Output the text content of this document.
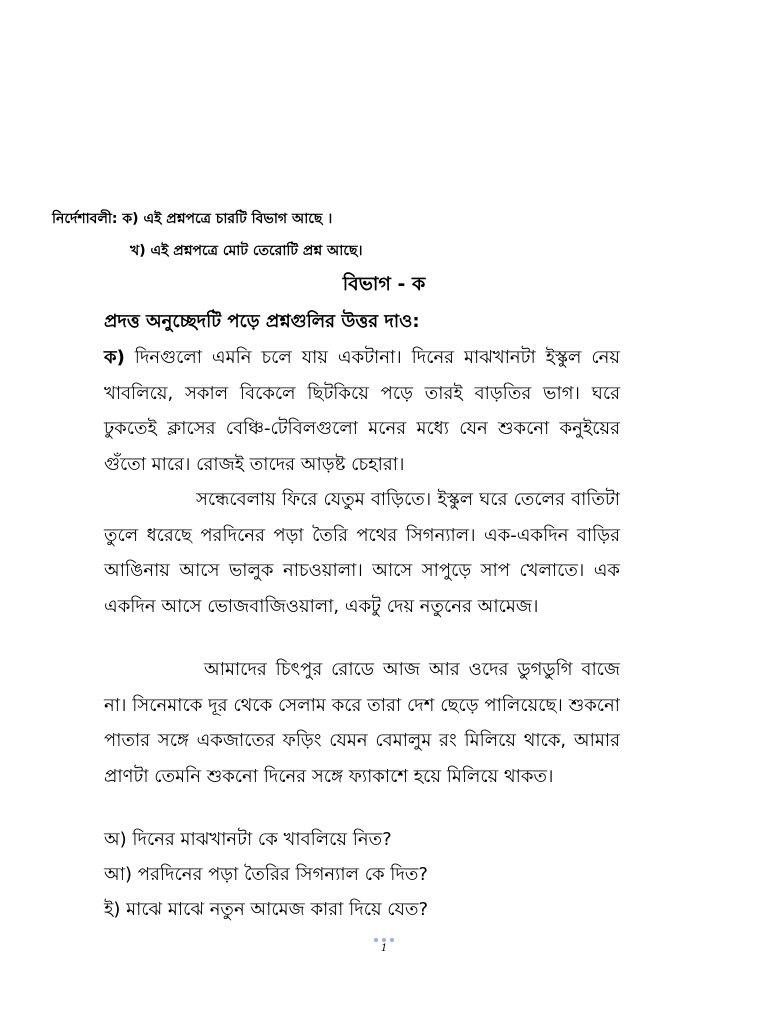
নির্দেশাবলী: ক) এই প্রশ্নপত্রে চারটি বিভাগ আছে ।
খ) এই প্রশ্নপত্রে মোট তেরোটি প্রশ্ন আছে।
বিভাগ - ক
প্রদত্ত অনুচ্ছেদটি পড়ে প্রশ্নগুলির উত্তর দাও:

ক) দিনগুলো এমনি চলে যায় একটানা। দিনের মাঝখানটা ইস্কুল নেয় খাবলিয়ে, সকাল বিকেলে ছিটকিয়ে পড়ে তারই বাড়তির ভাগ। ঘরে ঢুকতেই ক্লাসের বেঞ্চি-টেবিলগুলো মনের মধ্যে যেন শুকনো কনুইয়ের গুঁতো মারে। রোজই তাদের আড়ষ্ট চেহারা।

সন্ধেবেলায় ফিরে যেতুম বাড়িতে। ইস্কুল ঘরে তেলের বাতিটা তুলে ধরেছে পরদিনের পড়া তৈরি পথের সিগন্যাল। এক-একদিন বাড়ির আঙিনায় আসে ভালুক নাচওয়ালা। আসে সাপুড়ে সাপ খেলাতে। এক একদিন আসে ভোজবাজিওয়ালা, একটু দেয় নতুনের আমেজ।

আমাদের চিৎপুর রোডে আজ আর ওদের ডুগডুগি বাজে না। সিনেমাকে দূর থেকে সেলাম করে তারা দেশ ছেড়ে পালিয়েছে। শুকনো পাতার সঙ্গে একজাতের ফড়িং যেমন বেমালুম রং মিলিয়ে থাকে, আমার প্রাণটা তেমনি শুকনো দিনের সঙ্গে ফ্যাকাশে হয়ে মিলিয়ে থাকত।

অ) দিনের মাঝখানটা কে খাবলিয়ে নিত?

আ) পরদিনের পড়া তৈরির সিগন্যাল কে দিত?

ই) মাঝে মাঝে নতুন আমেজ কারা দিয়ে যেত?

1
